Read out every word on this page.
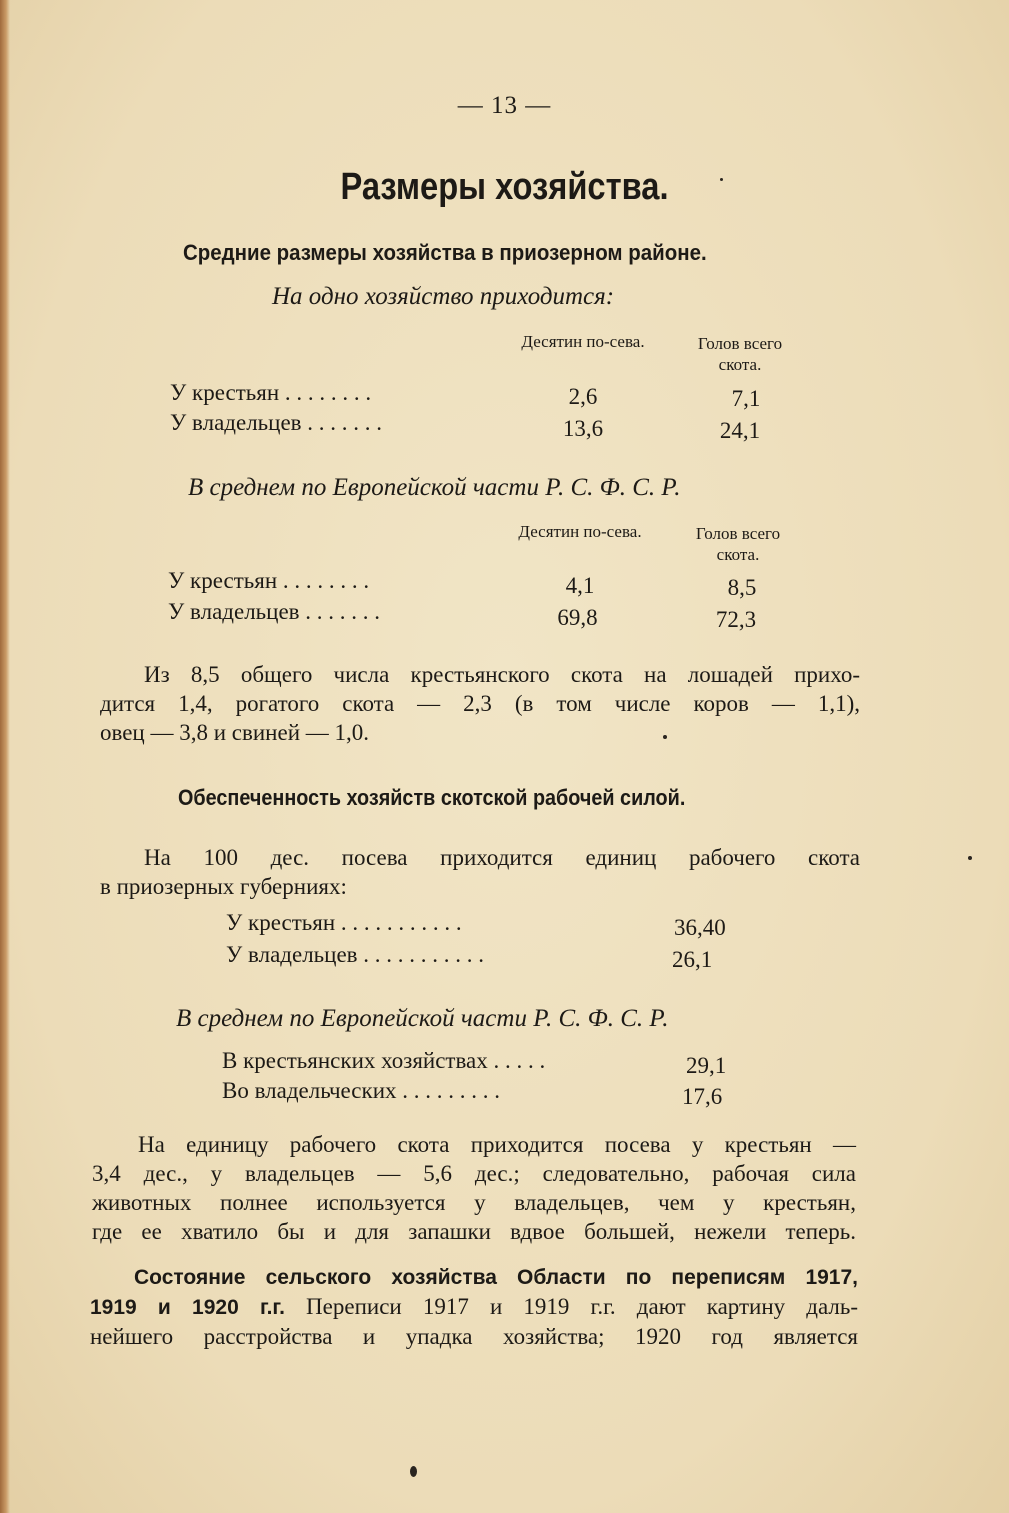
— 13 —
Размеры хозяйства.
Средние размеры хозяйства в приозерном районе.
На одно хозяйство приходится:
Десятин по-сева.	Голов всего скота.
У крестьян . . . . . . . .	2,6	7,1
У владельцев . . . . . . .	13,6	24,1
В среднем по Европейской части Р. С. Ф. С. Р.
Десятин по-сева.	Голов всего скота.
У крестьян . . . . . . . .	4,1	8,5
У владельцев . . . . . . .	69,8	72,3
Из 8,5 общего числа крестьянского скота на лошадей прихо-
дится 1,4, рогатого скота — 2,3 (в том числе коров — 1,1),
овец — 3,8 и свиней — 1,0.
Обеспеченность хозяйств скотской рабочей силой.
На 100 дес. посева приходится единиц рабочего скота
в приозерных губерниях:
У крестьян . . . . . . . . . . .	36,40
У владельцев . . . . . . . . . . .	26,1
В среднем по Европейской части Р. С. Ф. С. Р.
В крестьянских хозяйствах . . . . .	29,1
Во владельческих . . . . . . . . .	17,6
На единицу рабочего скота приходится посева у крестьян —
3,4 дес., у владельцев — 5,6 дес.; следовательно, рабочая сила
животных полнее используется у владельцев, чем у крестьян,
где ее хватило бы и для запашки вдвое большей, нежели теперь.
Состояние сельского хозяйства Области по переписям 1917,
1919 и 1920 г.г. Переписи 1917 и 1919 г.г. дают картину даль-
нейшего расстройства и упадка хозяйства; 1920 год является
